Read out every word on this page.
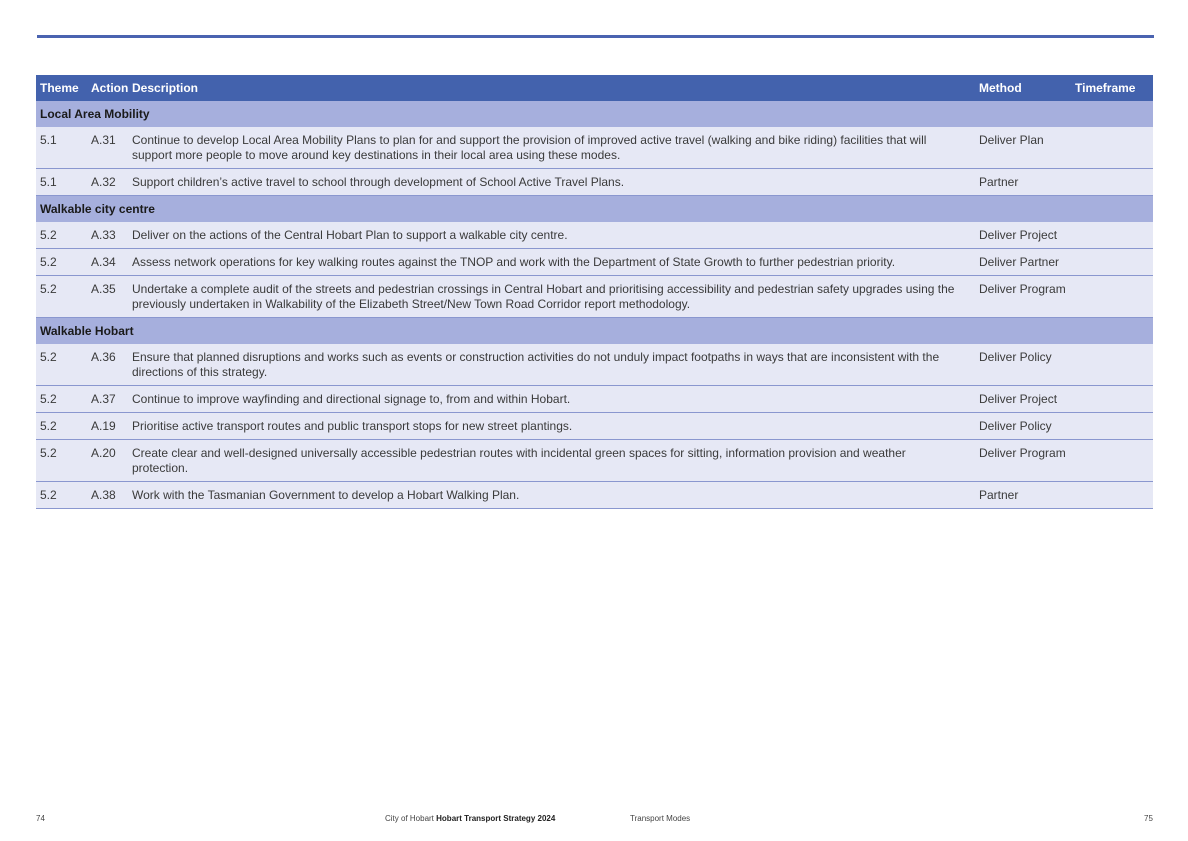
Theme	Action	Description	Method	Timeframe
Local Area Mobility				
5.1	A.31	Continue to develop Local Area Mobility Plans to plan for and support the provision of improved active travel (walking and bike riding) facilities that will support more people to move around key destinations in their local area using these modes.	Deliver Plan	
5.1	A.32	Support children’s active travel to school through development of School Active Travel Plans.	Partner	
Walkable city centre				
5.2	A.33	Deliver on the actions of the Central Hobart Plan to support a walkable city centre.	Deliver Project	
5.2	A.34	Assess network operations for key walking routes against the TNOP and work with the Department of State Growth to further pedestrian priority.	Deliver Partner	
5.2	A.35	Undertake a complete audit of the streets and pedestrian crossings in Central Hobart and prioritising accessibility and pedestrian safety upgrades using the previously undertaken in Walkability of the Elizabeth Street/New Town Road Corridor report methodology.	Deliver Program	
Walkable Hobart				
5.2	A.36	Ensure that planned disruptions and works such as events or construction activities do not unduly impact footpaths in ways that are inconsistent with the directions of this strategy.	Deliver Policy	
5.2	A.37	Continue to improve wayfinding and directional signage to, from and within Hobart.	Deliver Project	
5.2	A.19	Prioritise active transport routes and public transport stops for new street plantings.	Deliver Policy	
5.2	A.20	Create clear and well-designed universally accessible pedestrian routes with incidental green spaces for sitting, information provision and weather protection.	Deliver Program	
5.2	A.38	Work with the Tasmanian Government to develop a Hobart Walking Plan.	Partner	
74	City of Hobart Hobart Transport Strategy 2024	Transport Modes	75
